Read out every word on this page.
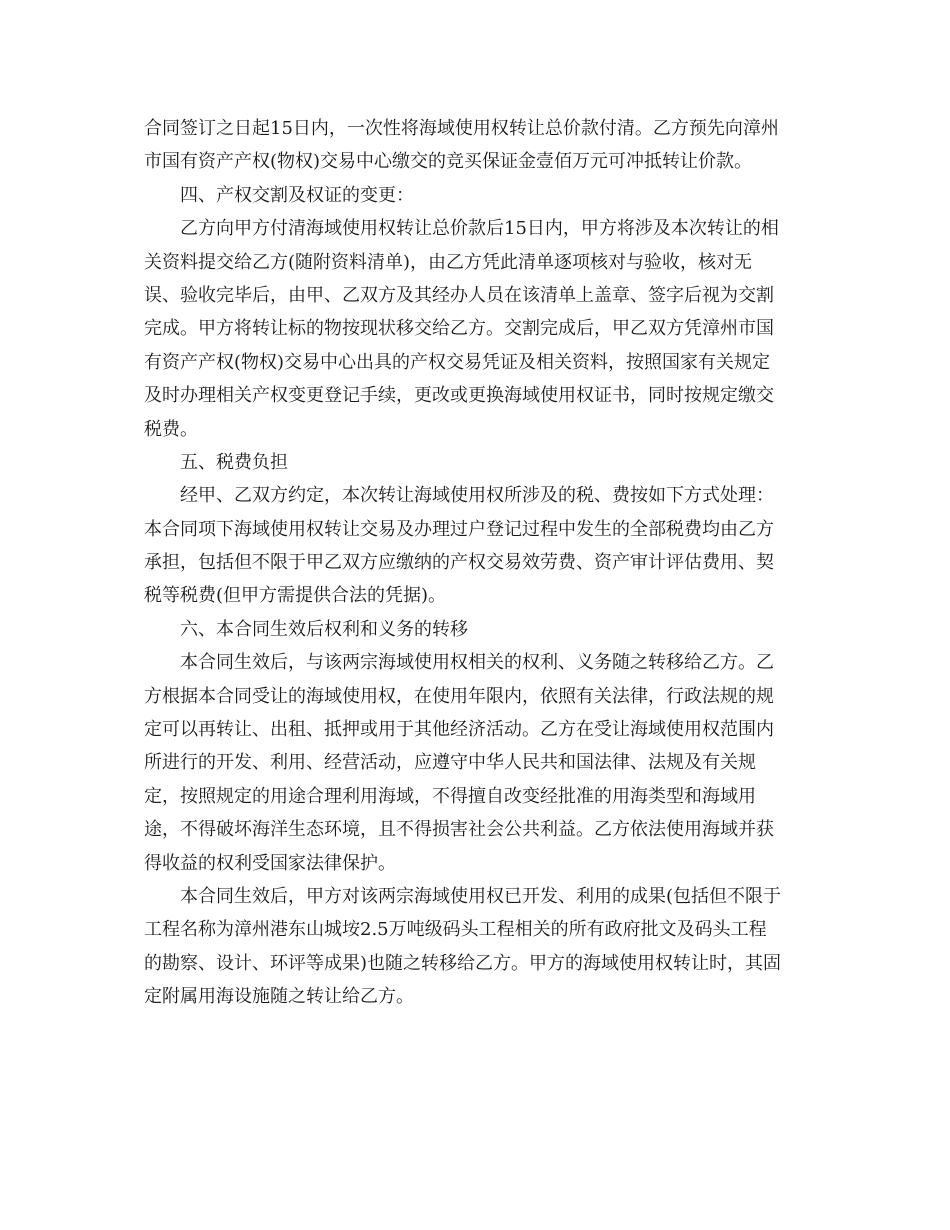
合同签订之日起15日内，一次性将海域使用权转让总价款付清。乙方预先向漳州
市国有资产产权(物权)交易中心缴交的竞买保证金壹佰万元可冲抵转让价款。
四、产权交割及权证的变更：
乙方向甲方付清海域使用权转让总价款后15日内，甲方将涉及本次转让的相
关资料提交给乙方(随附资料清单)，由乙方凭此清单逐项核对与验收，核对无
误、验收完毕后，由甲、乙双方及其经办人员在该清单上盖章、签字后视为交割
完成。甲方将转让标的物按现状移交给乙方。交割完成后，甲乙双方凭漳州市国
有资产产权(物权)交易中心出具的产权交易凭证及相关资料，按照国家有关规定
及时办理相关产权变更登记手续，更改或更换海域使用权证书，同时按规定缴交
税费。
五、税费负担
经甲、乙双方约定，本次转让海域使用权所涉及的税、费按如下方式处理：
本合同项下海域使用权转让交易及办理过户登记过程中发生的全部税费均由乙方
承担，包括但不限于甲乙双方应缴纳的产权交易效劳费、资产审计评估费用、契
税等税费(但甲方需提供合法的凭据)。
六、本合同生效后权利和义务的转移
本合同生效后，与该两宗海域使用权相关的权利、义务随之转移给乙方。乙
方根据本合同受让的海域使用权，在使用年限内，依照有关法律，行政法规的规
定可以再转让、出租、抵押或用于其他经济活动。乙方在受让海域使用权范围内
所进行的开发、利用、经营活动，应遵守中华人民共和国法律、法规及有关规
定，按照规定的用途合理利用海域，不得擅自改变经批准的用海类型和海域用
途，不得破坏海洋生态环境，且不得损害社会公共利益。乙方依法使用海域并获
得收益的权利受国家法律保护。
本合同生效后，甲方对该两宗海域使用权已开发、利用的成果(包括但不限于
工程名称为漳州港东山城垵2.5万吨级码头工程相关的所有政府批文及码头工程
的勘察、设计、环评等成果)也随之转移给乙方。甲方的海域使用权转让时，其固
定附属用海设施随之转让给乙方。
